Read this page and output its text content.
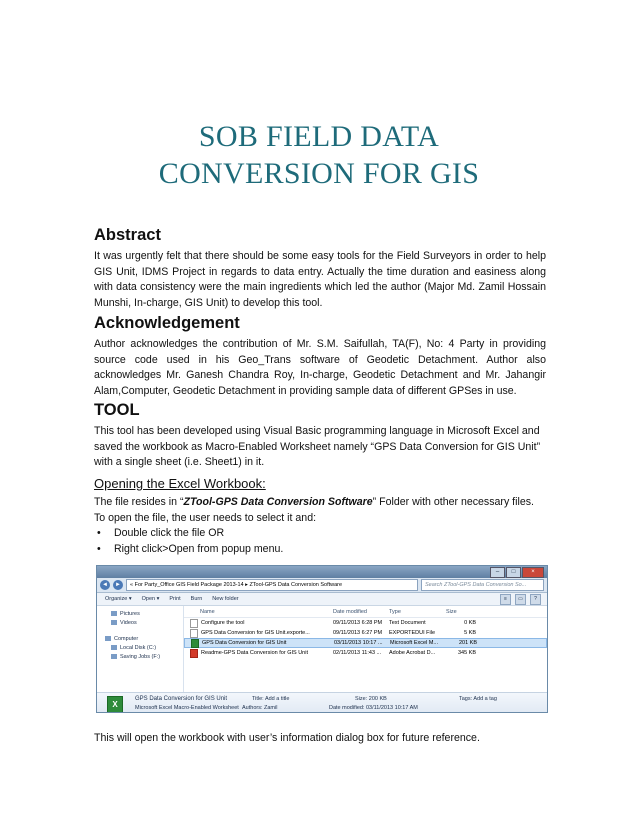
SOB FIELD DATA
CONVERSION FOR GIS
Abstract

It was urgently felt that there should be some easy tools for the Field Surveyors in order to help GIS Unit, IDMS Project in regards to data entry. Actually the time duration and easiness along with data consistency were the main ingredients which led the author (Major Md. Zamil Hossain Munshi, In-charge, GIS Unit) to develop this tool.

Acknowledgement

Author acknowledges the contribution of Mr. S.M. Saifullah, TA(F), No: 4 Party in providing source code used in his Geo_Trans software of Geodetic Detachment. Author also acknowledges Mr. Ganesh Chandra Roy, In-charge, Geodetic Detachment and Mr. Jahangir Alam,Computer, Geodetic Detachment in providing sample data of different GPSes in use.

TOOL

This tool has been developed using Visual Basic programming language in Microsoft Excel and saved the workbook as Macro-Enabled Worksheet namely “GPS Data Conversion for GIS Unit” with a single sheet (i.e. Sheet1) in it.

Opening the Excel Workbook:

The file resides in “ZTool-GPS Data Conversion Software” Folder with other necessary files. To open the file, the user needs to select it and:

• Double click the file OR
• Right click>Open from popup menu.
–	□	×
◄	►	« For Party_Office GIS Field Package 2013-14 ▸ ZTool-GPS Data Conversion Software	Search ZTool-GPS Data Conversion So...
Organize ▾ Open ▾ Print Burn New folder	≡	▭	?
Pictures
Videos
Computer
Local Disk (C:)
Saving Jobs (F:)
Name	Date modified	Type	Size
Configure the tool	09/11/2013 6:28 PM	Text Document	0 KB
GPS Data Conversion for GIS Unit.exporte...	09/11/2013 6:27 PM	EXPORTEDUI File	5 KB
GPS Data Conversion for GIS Unit	03/11/2013 10:17 ...	Microsoft Excel M...	201 KB
Readme-GPS Data Conversion for GIS Unit	02/11/2013 11:43 ...	Adobe Acrobat D...	345 KB
X
GPS Data Conversion for GIS Unit
Microsoft Excel Macro-Enabled Worksheet
Title: Add a title
Authors: Zamil
Size: 200 KB
Date modified: 03/11/2013 10:17 AM
Tags: Add a tag

This will open the workbook with user’s information dialog box for future reference.
